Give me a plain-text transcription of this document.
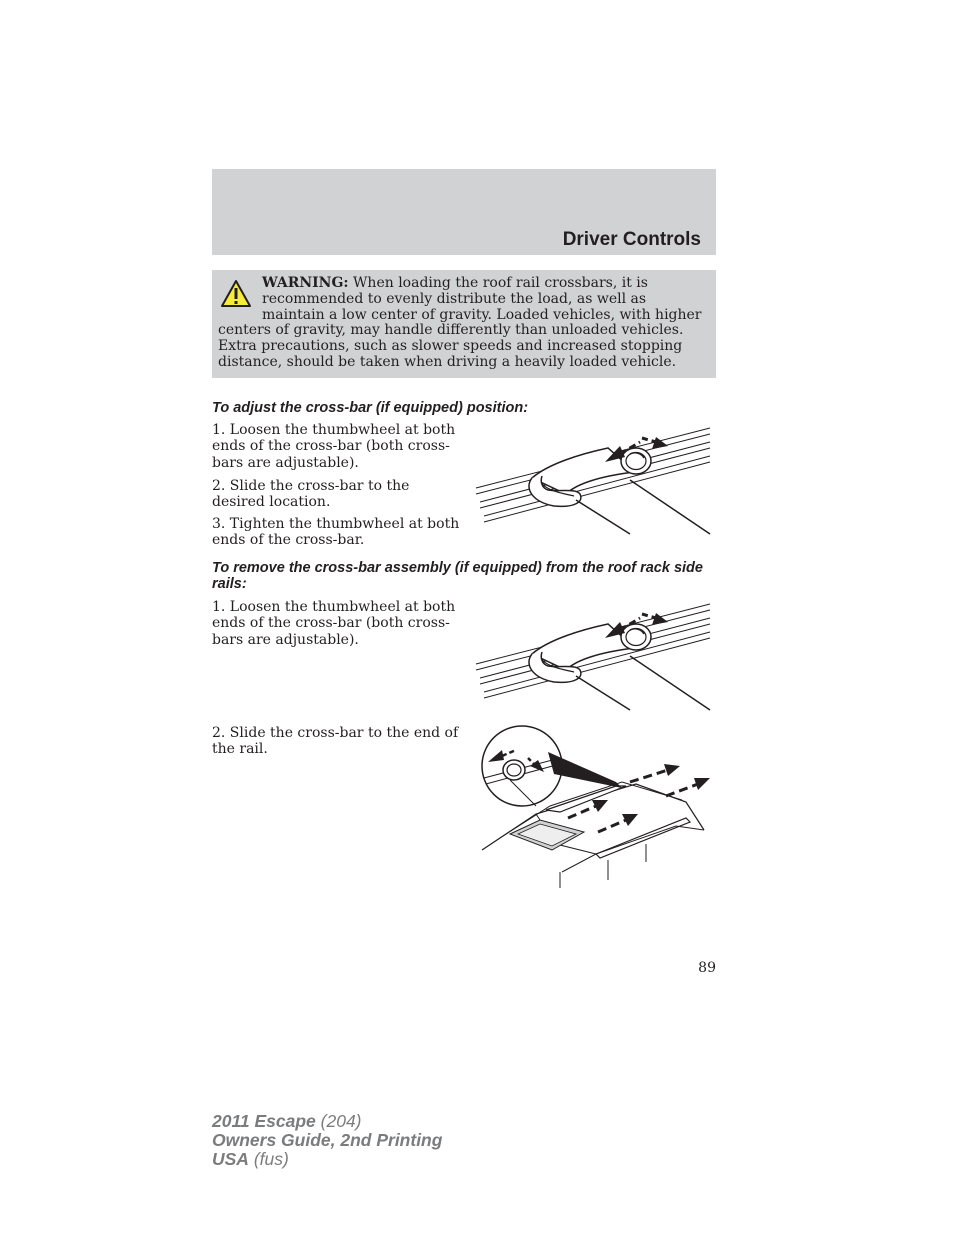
Driver Controls
WARNING: When loading the roof rail crossbars, it is recommended to evenly distribute the load, as well as maintain a low center of gravity. Loaded vehicles, with higher centers of gravity, may handle differently than unloaded vehicles. Extra precautions, such as slower speeds and increased stopping distance, should be taken when driving a heavily loaded vehicle.
To adjust the cross-bar (if equipped) position:

1. Loosen the thumbwheel at both ends of the cross-bar (both cross-bars are adjustable).

2. Slide the cross-bar to the desired location.

3. Tighten the thumbwheel at both ends of the cross-bar.

To remove the cross-bar assembly (if equipped) from the roof rack side rails:

1. Loosen the thumbwheel at both ends of the cross-bar (both cross-bars are adjustable).

2. Slide the cross-bar to the end of the rail.

89
2011 Escape (204)
Owners Guide, 2nd Printing
USA (fus)
